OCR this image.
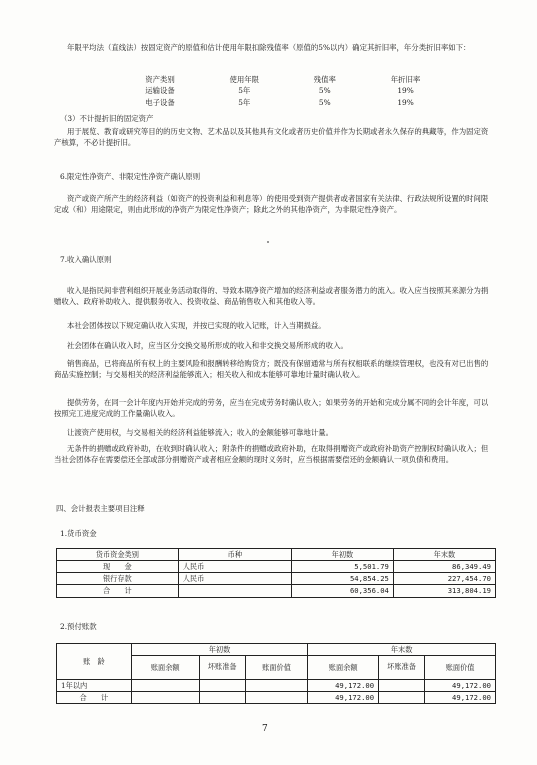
年限平均法（直线法）按固定资产的原值和估计使用年限扣除残值率（原值的5%以内）确定其折旧率，年分类折旧率如下：

资产类别	使用年限	残值率	年折旧率
运输设备	5年	5%	19%
电子设备	5年	5%	19%

（3）不计提折旧的固定资产

用于展览、教育或研究等目的的历史文物、艺术品以及其他具有文化或者历史价值并作为长期或者永久保存的典藏等，作为固定资产核算，不必计提折旧。

6.限定性净资产、非限定性净资产确认原则

资产或资产所产生的经济利益（如资产的投资利益和利息等）的使用受到资产提供者或者国家有关法律、行政法规所设置的时间限定或（和）用途限定，则由此形成的净资产为限定性净资产；除此之外的其他净资产，为非限定性净资产。

7.收入确认原则

收入是指民间非营利组织开展业务活动取得的、导致本期净资产增加的经济利益或者服务潜力的流入。收入应当按照其来源分为捐赠收入、政府补助收入、提供服务收入、投资收益、商品销售收入和其他收入等。

本社会团体按以下规定确认收入实现，并按已实现的收入记账，计入当期损益。

社会团体在确认收入时，应当区分交换交易所形成的收入和非交换交易所形成的收入。

销售商品，已将商品所有权上的主要风险和报酬转移给购货方；既没有保留通常与所有权相联系的继续管理权，也没有对已出售的商品实施控制；与交易相关的经济利益能够流入；相关收入和成本能够可靠地计量时确认收入。

提供劳务，在同一会计年度内开始并完成的劳务，应当在完成劳务时确认收入；如果劳务的开始和完成分属不同的会计年度，可以按照完工进度完成的工作量确认收入。

让渡资产使用权，与交易相关的经济利益能够流入；收入的金额能够可靠地计量。

无条件的捐赠或政府补助，在收到时确认收入；附条件的捐赠或政府补助，在取得捐赠资产或政府补助资产控制权时确认收入；但当社会团体存在需要偿还全部或部分捐赠资产或者相应金额的现时义务时，应当根据需要偿还的金额确认一项负债和费用。

四、会计报表主要项目注释

1.货币资金

货币资金类别	币种	年初数	年末数
现　　金	人民币	5,501.79	86,349.49
银行存款	人民币	54,854.25	227,454.70
合　　计		60,356.04	313,804.19

2.预付账款

账　龄	年初数			年末数		
	账面余额	坏账准备	账面价值	账面余额	坏账准备	账面价值
1年以内				49,172.00		49,172.00
合　　计				49,172.00		49,172.00
7
